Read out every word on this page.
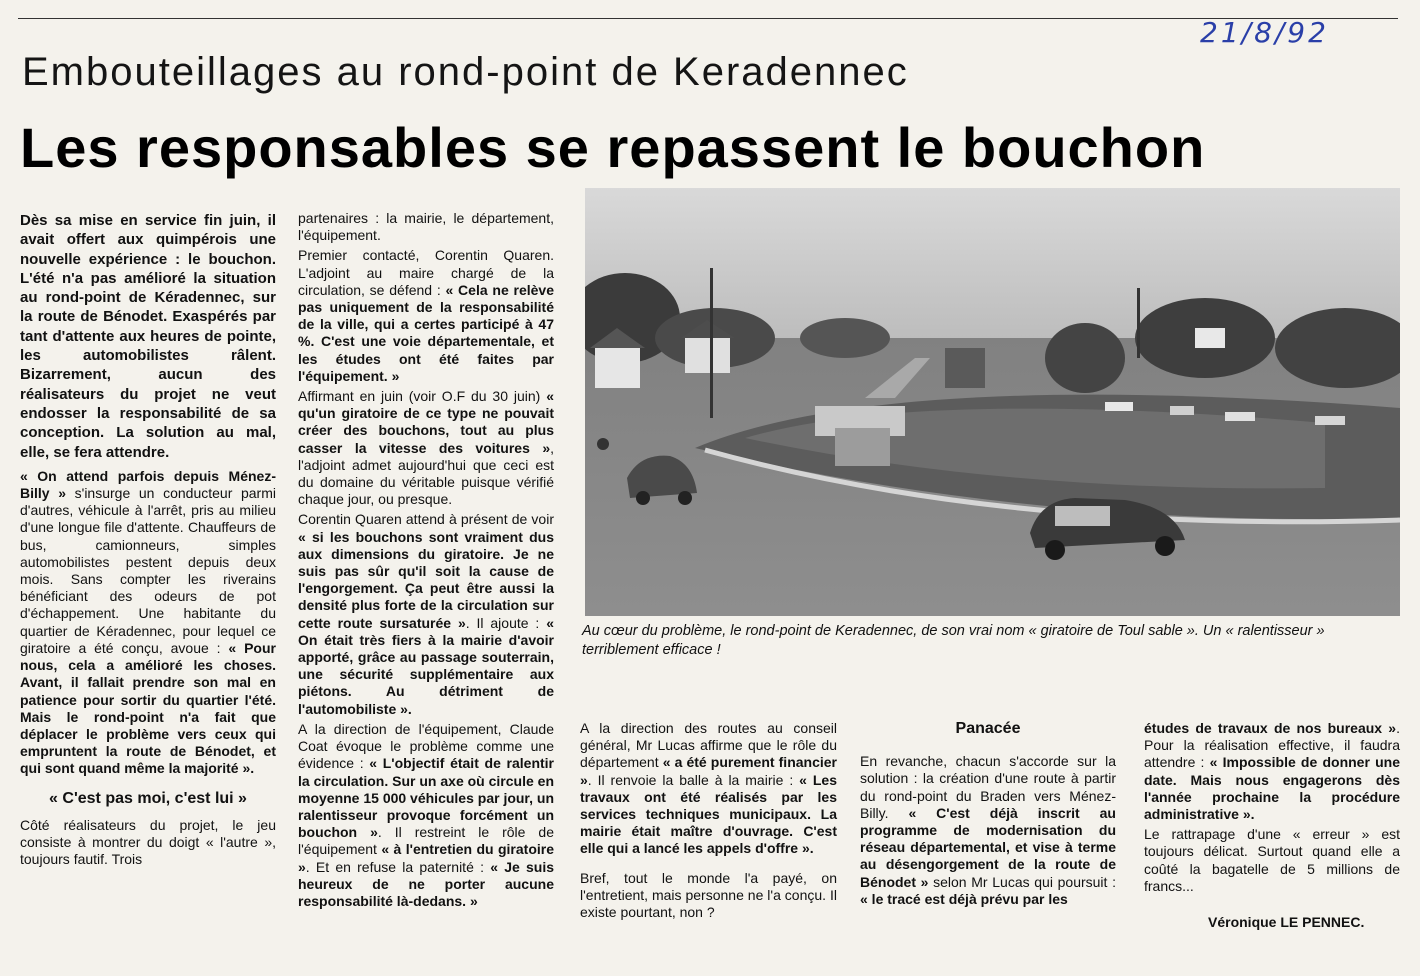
21/8/92
Embouteillages au rond-point de Keradennec
Les responsables se repassent le bouchon

Dès sa mise en service fin juin, il avait offert aux quimpérois une nouvelle expérience : le bouchon. L'été n'a pas amélioré la situation au rond-point de Kéradennec, sur la route de Bénodet. Exaspérés par tant d'attente aux heures de pointe, les automobilistes râlent. Bizarrement, aucun des réalisateurs du projet ne veut endosser la responsabilité de sa conception. La solution au mal, elle, se fera attendre.

« On attend parfois depuis Ménez-Billy » s'insurge un conducteur parmi d'autres, véhicule à l'arrêt, pris au milieu d'une longue file d'attente. Chauffeurs de bus, camionneurs, simples automobilistes pestent depuis deux mois. Sans compter les riverains bénéficiant des odeurs de pot d'échappement. Une habitante du quartier de Kéradennec, pour lequel ce giratoire a été conçu, avoue : « Pour nous, cela a amélioré les choses. Avant, il fallait prendre son mal en patience pour sortir du quartier l'été. Mais le rond-point n'a fait que déplacer le problème vers ceux qui empruntent la route de Bénodet, et qui sont quand même la majorité ».

« C'est pas moi, c'est lui »

Côté réalisateurs du projet, le jeu consiste à montrer du doigt « l'autre », toujours fautif. Trois

partenaires : la mairie, le département, l'équipement.

Premier contacté, Corentin Quaren. L'adjoint au maire chargé de la circulation, se défend : « Cela ne relève pas uniquement de la responsabilité de la ville, qui a certes participé à 47 %. C'est une voie départementale, et les études ont été faites par l'équipement. »

Affirmant en juin (voir O.F du 30 juin) « qu'un giratoire de ce type ne pouvait créer des bouchons, tout au plus casser la vitesse des voitures », l'adjoint admet aujourd'hui que ceci est du domaine du véritable puisque vérifié chaque jour, ou presque.

Corentin Quaren attend à présent de voir « si les bouchons sont vraiment dus aux dimensions du giratoire. Je ne suis pas sûr qu'il soit la cause de l'engorgement. Ça peut être aussi la densité plus forte de la circulation sur cette route sursaturée ». Il ajoute : « On était très fiers à la mairie d'avoir apporté, grâce au passage souterrain, une sécurité supplémentaire aux piétons. Au détriment de l'automobiliste ».

A la direction de l'équipement, Claude Coat évoque le problème comme une évidence : « L'objectif était de ralentir la circulation. Sur un axe où circule en moyenne 15 000 véhicules par jour, un ralentisseur provoque forcément un bouchon ». Il restreint le rôle de l'équipement « à l'entretien du giratoire ». Et en refuse la paternité : « Je suis heureux de ne porter aucune responsabilité là-dedans. »

Au cœur du problème, le rond-point de Keradennec, de son vrai nom « giratoire de Toul sable ». Un « ralentisseur » terriblement efficace !

A la direction des routes au conseil général, Mr Lucas affirme que le rôle du département « a été purement financier ». Il renvoie la balle à la mairie : « Les travaux ont été réalisés par les services techniques municipaux. La mairie était maître d'ouvrage. C'est elle qui a lancé les appels d'offre ».

Bref, tout le monde l'a payé, on l'entretient, mais personne ne l'a conçu. Il existe pourtant, non ?

Panacée

En revanche, chacun s'accorde sur la solution : la création d'une route à partir du rond-point du Braden vers Ménez-Billy. « C'est déjà inscrit au programme de modernisation du réseau départemental, et vise à terme au désengorgement de la route de Bénodet » selon Mr Lucas qui poursuit : « le tracé est déjà prévu par les

études de travaux de nos bureaux ». Pour la réalisation effective, il faudra attendre : « Impossible de donner une date. Mais nous engagerons dès l'année prochaine la procédure administrative ».

Le rattrapage d'une « erreur » est toujours délicat. Surtout quand elle a coûté la bagatelle de 5 millions de francs...

Véronique LE PENNEC.
